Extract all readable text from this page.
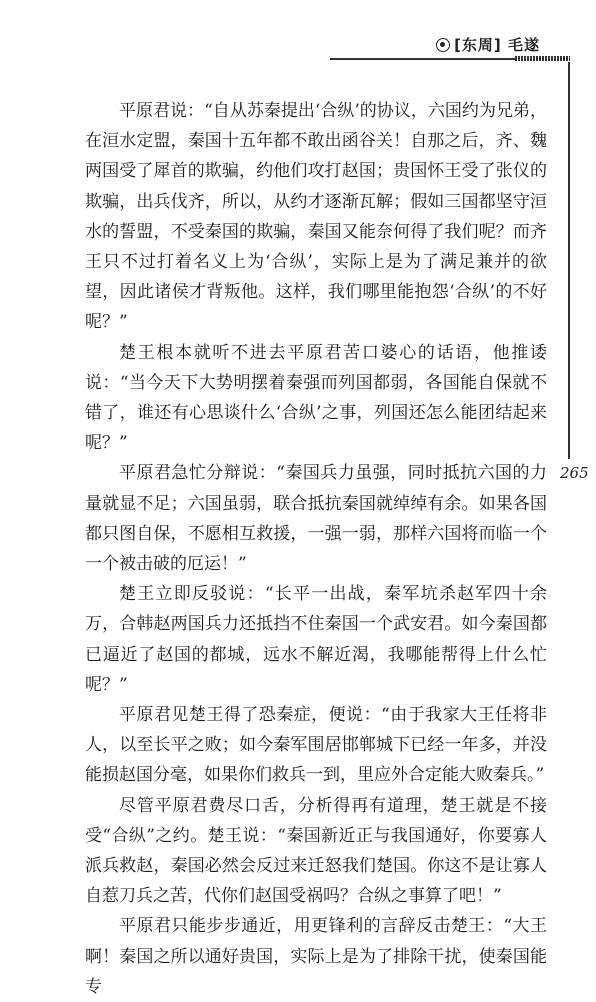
[东周] 毛遂
265

平原君说：“自从苏秦提出‘合纵’的协议，六国约为兄弟，在洹水定盟，秦国十五年都不敢出函谷关！自那之后，齐、魏两国受了犀首的欺骗，约他们攻打赵国；贵国怀王受了张仪的欺骗，出兵伐齐，所以，从约才逐渐瓦解；假如三国都坚守洹水的誓盟，不受秦国的欺骗，秦国又能奈何得了我们呢？而齐王只不过打着名义上为‘合纵’，实际上是为了满足兼并的欲望，因此诸侯才背叛他。这样，我们哪里能抱怨‘合纵’的不好呢？”

楚王根本就听不进去平原君苦口婆心的话语，他推诿说：“当今天下大势明摆着秦强而列国都弱，各国能自保就不错了，谁还有心思谈什么‘合纵’之事，列国还怎么能团结起来呢？”

平原君急忙分辩说：“秦国兵力虽强，同时抵抗六国的力量就显不足；六国虽弱，联合抵抗秦国就绰绰有余。如果各国都只图自保，不愿相互救援，一强一弱，那样六国将而临一个一个被击破的厄运！”

楚王立即反驳说：“长平一出战，秦军坑杀赵军四十余万，合韩赵两国兵力还抵挡不住秦国一个武安君。如今秦国都已逼近了赵国的都城，远水不解近渴，我哪能帮得上什么忙呢？”

平原君见楚王得了恐秦症，便说：“由于我家大王任将非人，以至长平之败；如今秦军围居邯郸城下已经一年多，并没能损赵国分毫，如果你们救兵一到，里应外合定能大败秦兵。”

尽管平原君费尽口舌，分析得再有道理，楚王就是不接受“合纵”之约。楚王说：“秦国新近正与我国通好，你要寡人派兵救赵，秦国必然会反过来迁怒我们楚国。你这不是让寡人自惹刀兵之苦，代你们赵国受祸吗？合纵之事算了吧！”

平原君只能步步通近，用更锋利的言辞反击楚王：“大王啊！秦国之所以通好贵国，实际上是为了排除干扰，使秦国能专
